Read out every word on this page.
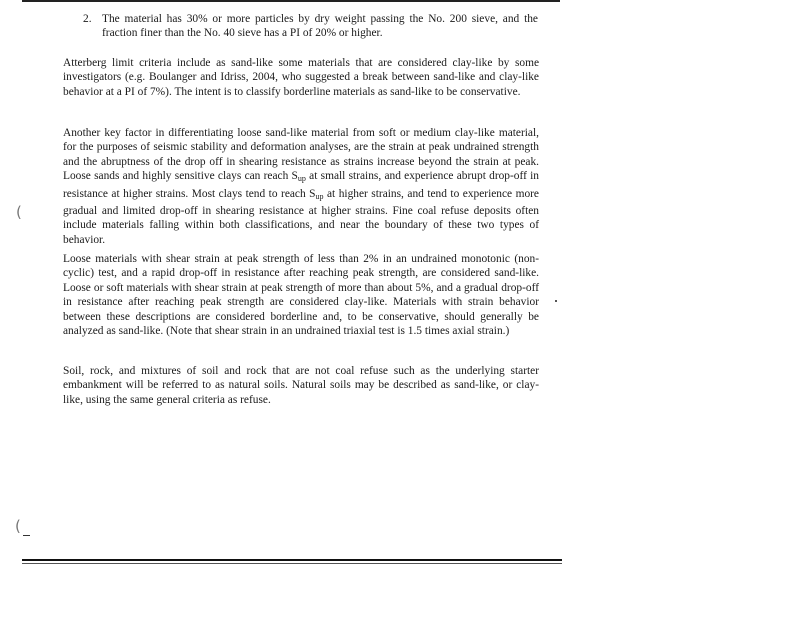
2. The material has 30% or more particles by dry weight passing the No. 200 sieve, and the fraction finer than the No. 40 sieve has a PI of 20% or higher.
Atterberg limit criteria include as sand-like some materials that are considered clay-like by some investigators (e.g. Boulanger and Idriss, 2004, who suggested a break between sand-like and clay-like behavior at a PI of 7%). The intent is to classify borderline materials as sand-like to be conservative.
Another key factor in differentiating loose sand-like material from soft or medium clay-like material, for the purposes of seismic stability and deformation analyses, are the strain at peak undrained strength and the abruptness of the drop off in shearing resistance as strains increase beyond the strain at peak. Loose sands and highly sensitive clays can reach $S_{up}$ at small strains, and experience abrupt drop-off in resistance at higher strains. Most clays tend to reach $S_{up}$ at higher strains, and tend to experience more gradual and limited drop-off in shearing resistance at higher strains. Fine coal refuse deposits often include materials falling within both classifications, and near the boundary of these two types of behavior.
Loose materials with shear strain at peak strength of less than 2% in an undrained monotonic (non-cyclic) test, and a rapid drop-off in resistance after reaching peak strength, are considered sand-like. Loose or soft materials with shear strain at peak strength of more than about 5%, and a gradual drop-off in resistance after reaching peak strength are considered clay-like. Materials with strain behavior between these descriptions are considered borderline and, to be conservative, should generally be analyzed as sand-like. (Note that shear strain in an undrained triaxial test is 1.5 times axial strain.)
Soil, rock, and mixtures of soil and rock that are not coal refuse such as the underlying starter embankment will be referred to as natural soils. Natural soils may be described as sand-like, or clay-like, using the same general criteria as refuse.
(
(
